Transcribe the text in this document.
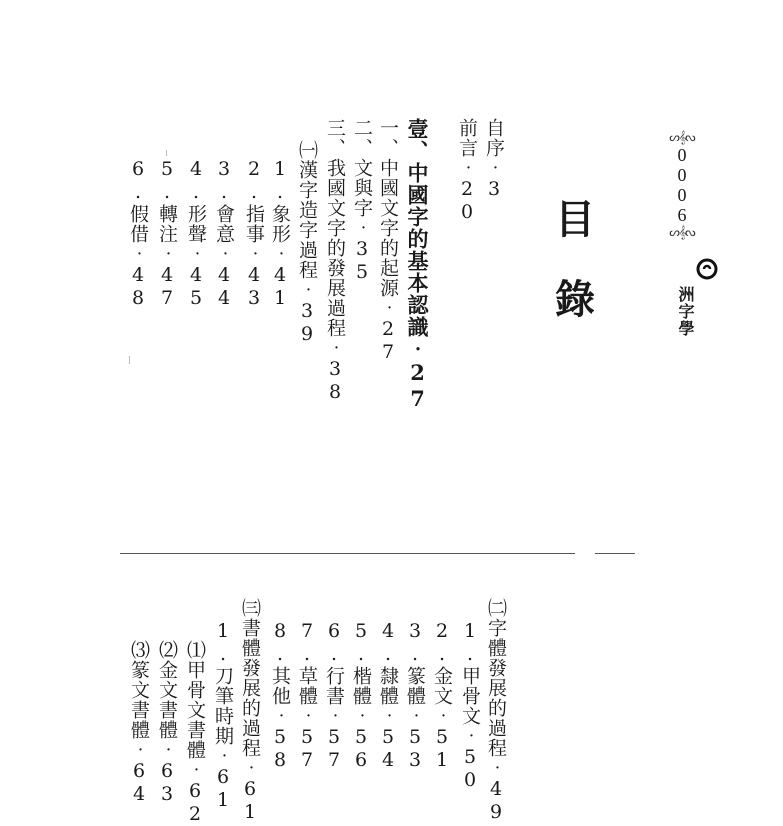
ᔕ𝄞ᔓ
0
0
0
6
ᔕ𝄞ᔓ
洲字學
目
錄
自序‧3
前言‧20
壹、中國字的基本認識‧27
一、中國文字的起源‧27
二、文與字‧35
三、我國文字的發展過程‧38
㈠漢字造字過程‧39
1.象形‧41
2.指事‧43
3.會意‧44
4.形聲‧45
5.轉注‧47
6.假借‧48
㈡字體發展的過程‧49
1.甲骨文‧50
2.金文‧51
3.篆體‧53
4.隸體‧54
5.楷體‧56
6.行書‧57
7.草體‧57
8.其他‧58
㈢書體發展的過程‧61
1.刀筆時期‧61
⑴甲骨文書體‧62
⑵金文書體‧63
⑶篆文書體‧64
